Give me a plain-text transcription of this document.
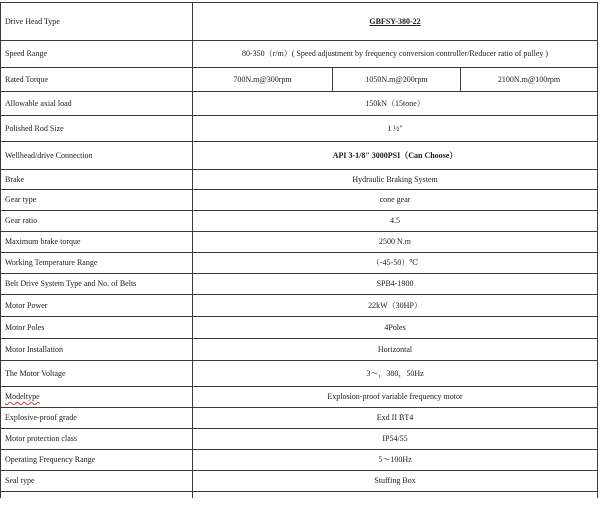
Drive Head Type	GBFSY-380-22		
Speed Range	80-350（r/m）( Speed adjustment by frequency conversion controller/Reducer ratio of pulley )		
Rated Torque	700N.m@300rpm	1050N.m@200rpm	2100N.m@100rpm
Allowable axial load	150kN（15tone）		
Polished Rod Size	1 ½″		
Wellhead/drive Connection	API 3-1/8″ 3000PSI（Can Choose）		
Brake	Hydraulic Braking System		
Gear type	cone gear		
Gear ratio	4.5		
Maximum brake torque	2500 N.m		
Working Temperature Range	（-45-50）℃		
Belt Drive System Type and No. of Belts	SPB4-1900		
Motor Power	22kW（30HP）		
Motor Poles	4Poles		
Motor Installation	Horizontal		
The Motor Voltage	3～，380，50Hz		
Modeltype	Explosion-proof variable frequency motor		
Explosive-proof grade	Exd II BT4		
Motor protection class	IP54/55		
Operating Frequency Range	5～100Hz		
Seal type	Stuffing Box		
